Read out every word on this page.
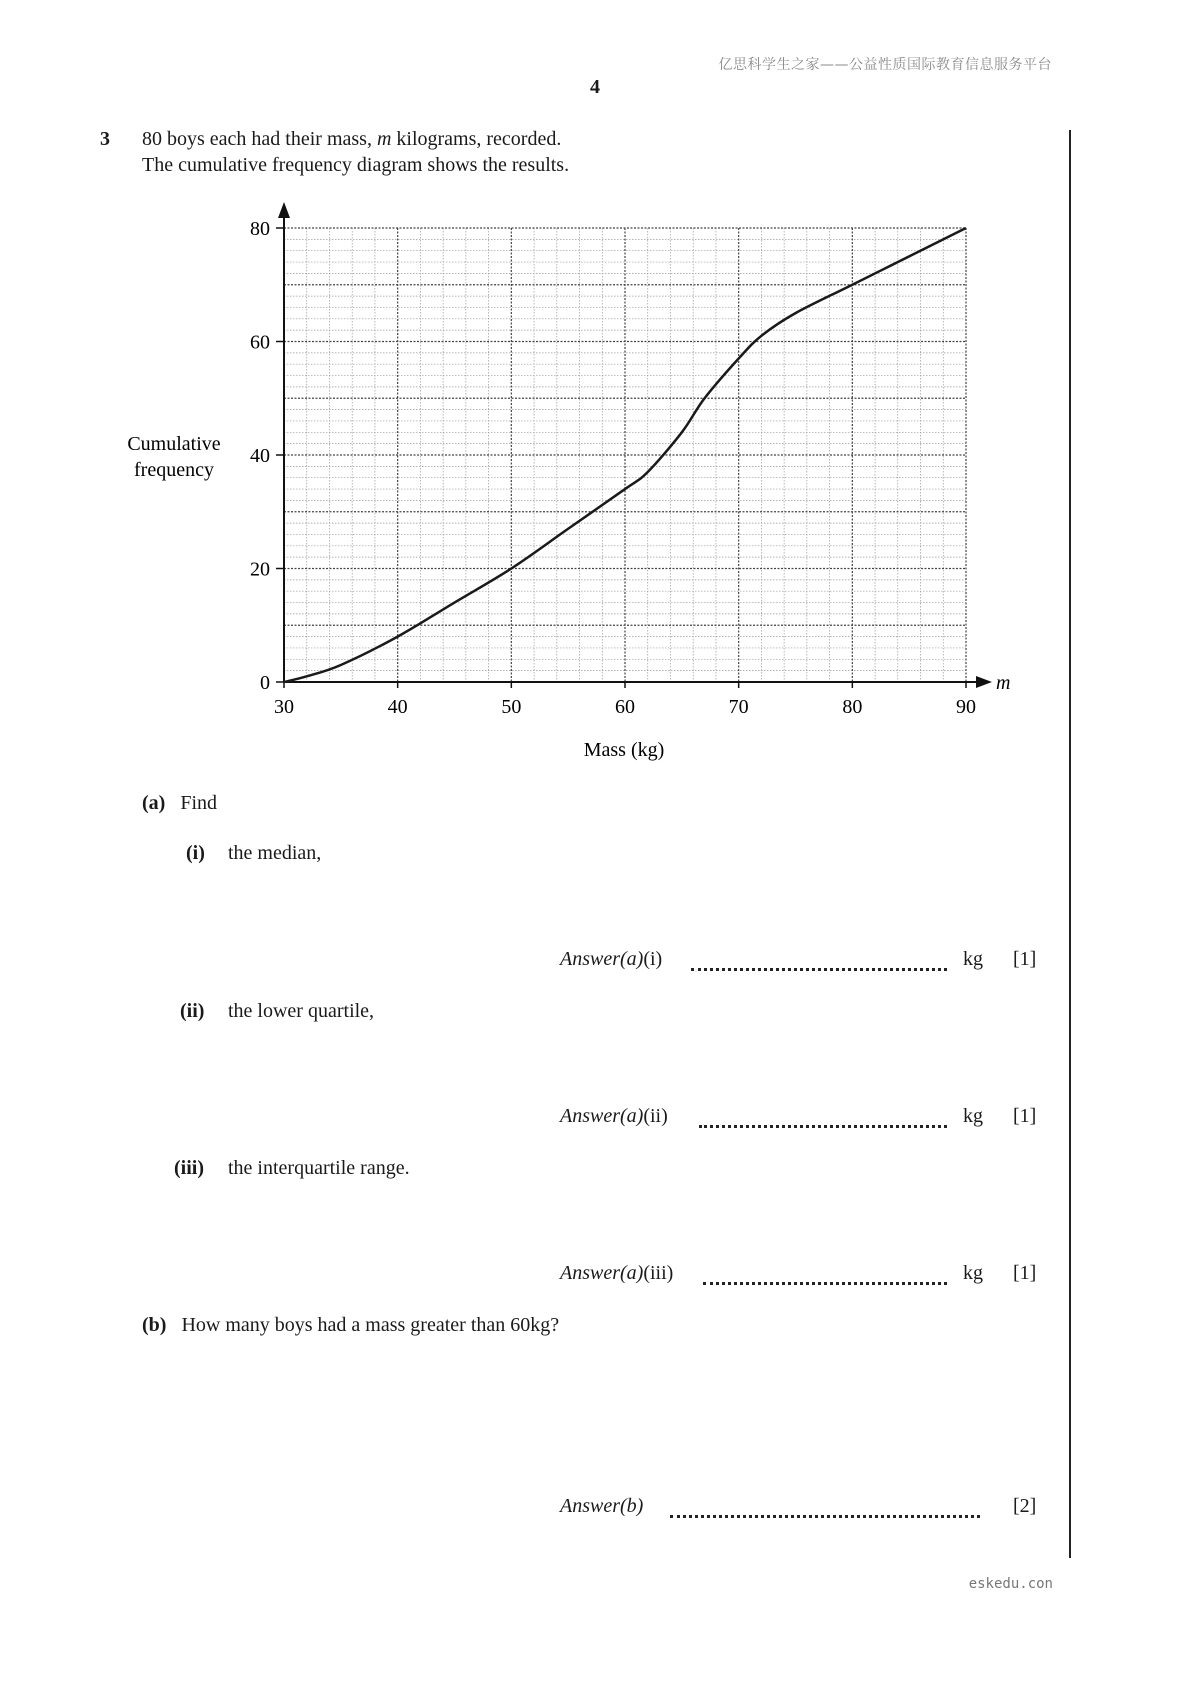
亿思科学生之家——公益性质国际教育信息服务平台
4
3 80 boys each had their mass, m kilograms, recorded.
The cumulative frequency diagram shows the results.
30	40	50	60	70	80	90
0
20
40
60
80
Cumulative
frequency
Mass (kg)
m
(a) Find
(i) the median,
Answer(a)(i)	kg [1]
(ii) the lower quartile,
Answer(a)(ii)	kg [1]
(iii) the interquartile range.
Answer(a)(iii)	kg [1]
(b) How many boys had a mass greater than 60kg?
Answer(b)	[2]
eskedu.con
